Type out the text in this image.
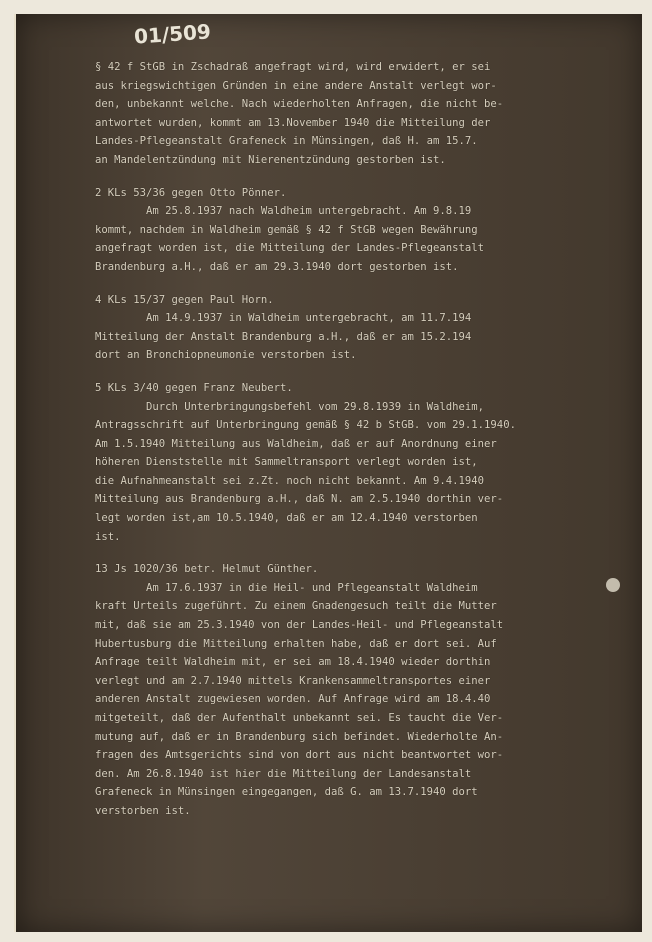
01/509
§ 42 f StGB in Zschadraß angefragt wird, wird erwidert, er sei
aus kriegswichtigen Gründen in eine andere Anstalt verlegt wor-
den, unbekannt welche. Nach wiederholten Anfragen, die nicht be-
antwortet wurden, kommt am 13.November 1940 die Mitteilung der
Landes-Pflegeanstalt Grafeneck in Münsingen, daß H. am 15.7.
an Mandelentzündung mit Nierenentzündung gestorben ist.
2 KLs 53/36 gegen Otto Pönner.
Am 25.8.1937 nach Waldheim untergebracht. Am 9.8.19
kommt, nachdem in Waldheim gemäß § 42 f StGB wegen Bewährung
angefragt worden ist, die Mitteilung der Landes-Pflegeanstalt
Brandenburg a.H., daß er am 29.3.1940 dort gestorben ist.
4 KLs 15/37 gegen Paul Horn.
Am 14.9.1937 in Waldheim untergebracht, am 11.7.194
Mitteilung der Anstalt Brandenburg a.H., daß er am 15.2.194
dort an Bronchiopneumonie verstorben ist.
5 KLs 3/40 gegen Franz Neubert.
Durch Unterbringungsbefehl vom 29.8.1939 in Waldheim,
Antragsschrift auf Unterbringung gemäß § 42 b StGB. vom 29.1.1940.
Am 1.5.1940 Mitteilung aus Waldheim, daß er auf Anordnung einer
höheren Dienststelle mit Sammeltransport verlegt worden ist,
die Aufnahmeanstalt sei z.Zt. noch nicht bekannt. Am 9.4.1940
Mitteilung aus Brandenburg a.H., daß N. am 2.5.1940 dorthin ver-
legt worden ist,am 10.5.1940, daß er am 12.4.1940 verstorben
ist.
13 Js 1020/36 betr. Helmut Günther.
Am 17.6.1937 in die Heil- und Pflegeanstalt Waldheim
kraft Urteils zugeführt. Zu einem Gnadengesuch teilt die Mutter
mit, daß sie am 25.3.1940 von der Landes-Heil- und Pflegeanstalt
Hubertusburg die Mitteilung erhalten habe, daß er dort sei. Auf
Anfrage teilt Waldheim mit, er sei am 18.4.1940 wieder dorthin
verlegt und am 2.7.1940 mittels Krankensammeltransportes einer
anderen Anstalt zugewiesen worden. Auf Anfrage wird am 18.4.40
mitgeteilt, daß der Aufenthalt unbekannt sei. Es taucht die Ver-
mutung auf, daß er in Brandenburg sich befindet. Wiederholte An-
fragen des Amtsgerichts sind von dort aus nicht beantwortet wor-
den. Am 26.8.1940 ist hier die Mitteilung der Landesanstalt
Grafeneck in Münsingen eingegangen, daß G. am 13.7.1940 dort
verstorben ist.
